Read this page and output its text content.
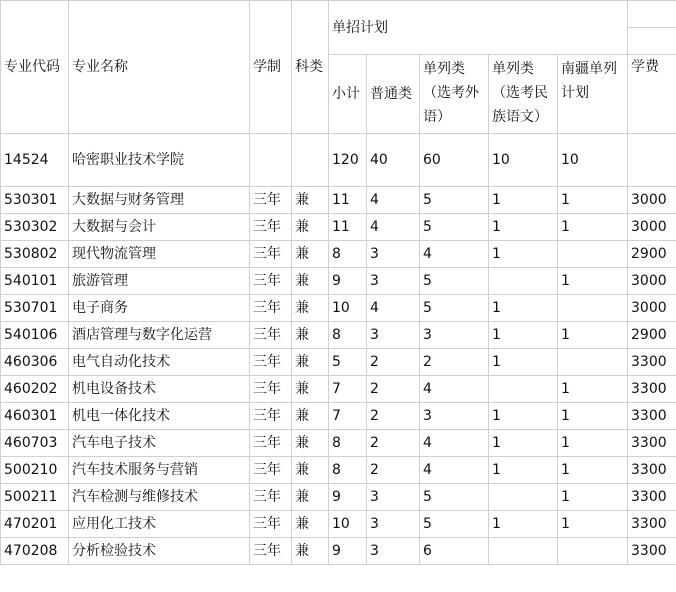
专业代码	专业名称	学制	科类	单招计划					

									学费
				小计	普通类	单列类（选考外语）	单列类（选考民族语文）	南疆单列计划	
14524	哈密职业技术学院			120	40	60	10	10	
530301	大数据与财务管理	三年	兼	11	4	5	1	1	3000
530302	大数据与会计	三年	兼	11	4	5	1	1	3000
530802	现代物流管理	三年	兼	8	3	4	1		2900
540101	旅游管理	三年	兼	9	3	5		1	3000
530701	电子商务	三年	兼	10	4	5	1		3000
540106	酒店管理与数字化运营	三年	兼	8	3	3	1	1	2900
460306	电气自动化技术	三年	兼	5	2	2	1		3300
460202	机电设备技术	三年	兼	7	2	4		1	3300
460301	机电一体化技术	三年	兼	7	2	3	1	1	3300
460703	汽车电子技术	三年	兼	8	2	4	1	1	3300
500210	汽车技术服务与营销	三年	兼	8	2	4	1	1	3300
500211	汽车检测与维修技术	三年	兼	9	3	5		1	3300
470201	应用化工技术	三年	兼	10	3	5	1	1	3300
470208	分析检验技术	三年	兼	9	3	6			3300
